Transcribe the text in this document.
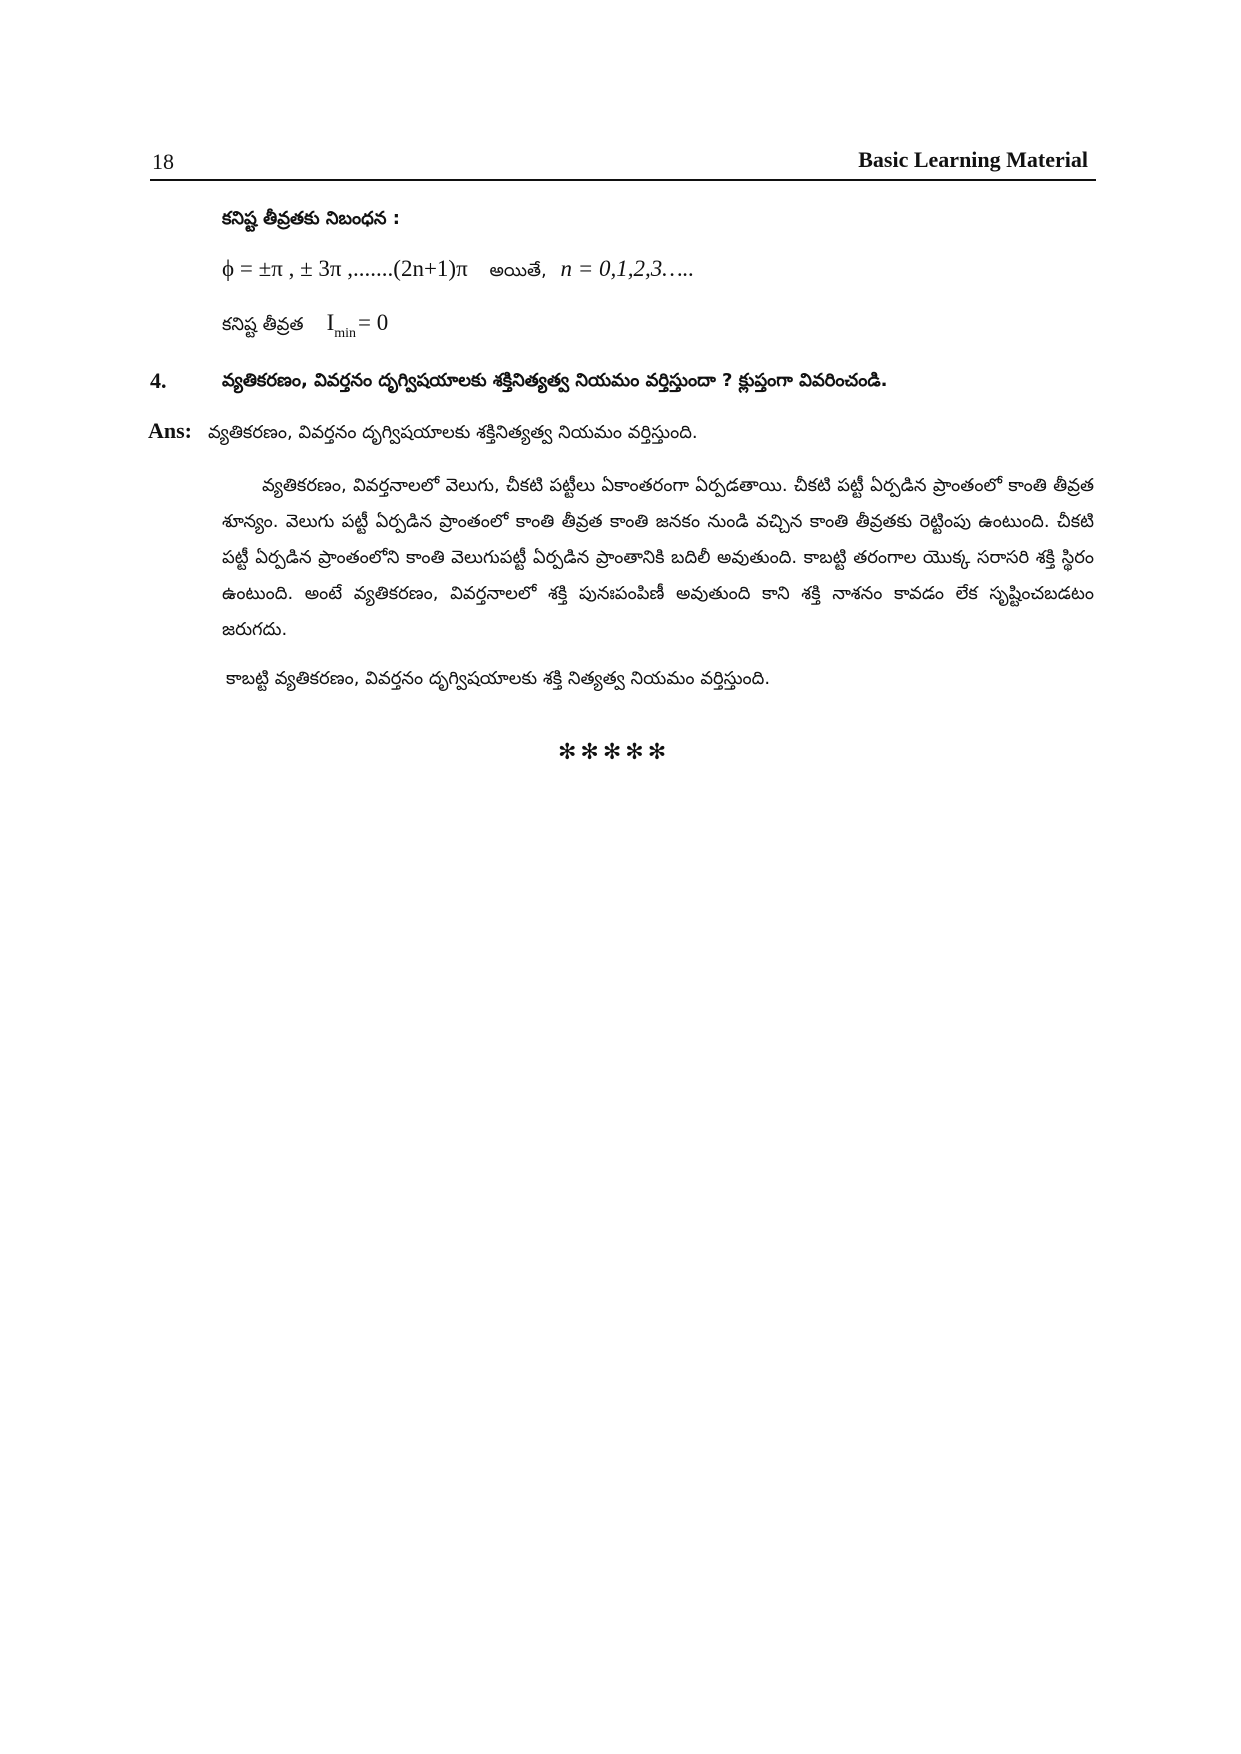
18	Basic Learning Material
కనిష్ట తీవ్రతకు నిబంధన :
ϕ = ±π , ± 3π ,.......(2n+1)π అయితే, n = 0,1,2,3…..
కనిష్ట తీవ్రత I min = 0
4.	వ్యతికరణం, వివర్తనం దృగ్విషయాలకు శక్తినిత్యత్వ నియమం వర్తిస్తుందా ? క్లుప్తంగా వివరించండి.
Ans: వ్యతికరణం, వివర్తనం దృగ్విషయాలకు శక్తినిత్యత్వ నియమం వర్తిస్తుంది.
వ్యతికరణం, వివర్తనాలలో వెలుగు, చీకటి పట్టీలు ఏకాంతరంగా ఏర్పడతాయి. చీకటి పట్టీ ఏర్పడిన ప్రాంతంలో కాంతి తీవ్రత శూన్యం. వెలుగు పట్టీ ఏర్పడిన ప్రాంతంలో కాంతి తీవ్రత కాంతి జనకం నుండి వచ్చిన కాంతి తీవ్రతకు రెట్టింపు ఉంటుంది. చీకటి పట్టీ ఏర్పడిన ప్రాంతంలోని కాంతి వెలుగుపట్టీ ఏర్పడిన ప్రాంతానికి బదిలీ అవుతుంది. కాబట్టి తరంగాల యొక్క సరాసరి శక్తి స్థిరం ఉంటుంది. అంటే వ్యతికరణం, వివర్తనాలలో శక్తి పునఃపంపిణీ అవుతుంది కాని శక్తి నాశనం కావడం లేక సృష్టించబడటం జరుగదు.
కాబట్టి వ్యతికరణం, వివర్తనం దృగ్విషయాలకు శక్తి నిత్యత్వ నియమం వర్తిస్తుంది.
✻✻✻✻✻
